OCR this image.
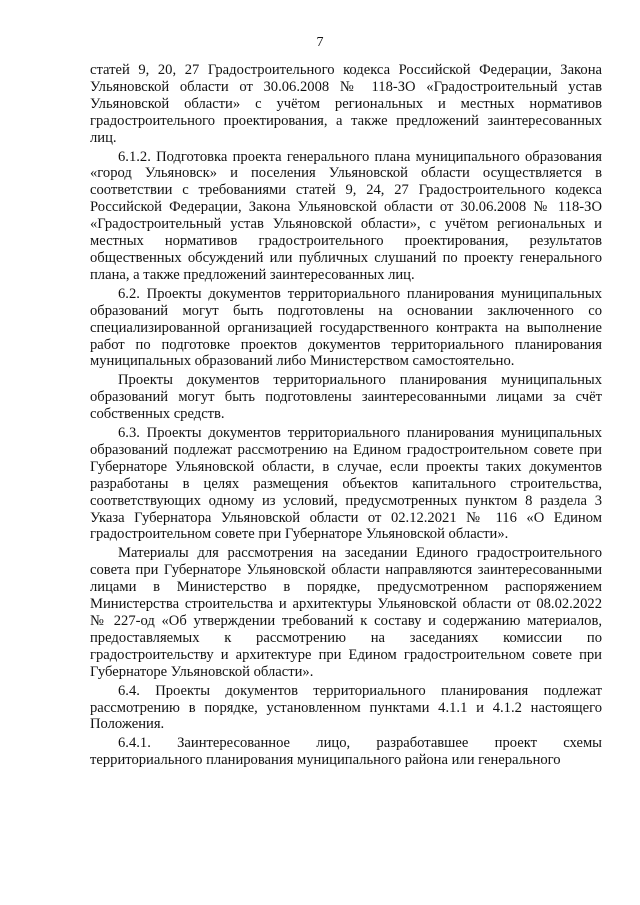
7

статей 9, 20, 27 Градостроительного кодекса Российской Федерации, Закона Ульяновской области от 30.06.2008 № 118-ЗО «Градостроительный устав Ульяновской области» с учётом региональных и местных нормативов градостроительного проектирования, а также предложений заинтересованных лиц.

6.1.2. Подготовка проекта генерального плана муниципального образования «город Ульяновск» и поселения Ульяновской области осуществляется в соответствии с требованиями статей 9, 24, 27 Градостроительного кодекса Российской Федерации, Закона Ульяновской области от 30.06.2008 № 118-ЗО «Градостроительный устав Ульяновской области», с учётом региональных и местных нормативов градостроительного проектирования, результатов общественных обсуждений или публичных слушаний по проекту генерального плана, а также предложений заинтересованных лиц.

6.2. Проекты документов территориального планирования муниципальных образований могут быть подготовлены на основании заключенного со специализированной организацией государственного контракта на выполнение работ по подготовке проектов документов территориального планирования муниципальных образований либо Министерством самостоятельно.

Проекты документов территориального планирования муниципальных образований могут быть подготовлены заинтересованными лицами за счёт собственных средств.

6.3. Проекты документов территориального планирования муниципальных образований подлежат рассмотрению на Едином градостроительном совете при Губернаторе Ульяновской области, в случае, если проекты таких документов разработаны в целях размещения объектов капитального строительства, соответствующих одному из условий, предусмотренных пунктом 8 раздела 3 Указа Губернатора Ульяновской области от 02.12.2021 № 116 «О Едином градостроительном совете при Губернаторе Ульяновской области».

Материалы для рассмотрения на заседании Единого градостроительного совета при Губернаторе Ульяновской области направляются заинтересованными лицами в Министерство в порядке, предусмотренном распоряжением Министерства строительства и архитектуры Ульяновской области от 08.02.2022 № 227-од «Об утверждении требований к составу и содержанию материалов, предоставляемых к рассмотрению на заседаниях комиссии по градостроительству и архитектуре при Едином градостроительном совете при Губернаторе Ульяновской области».

6.4. Проекты документов территориального планирования подлежат рассмотрению в порядке, установленном пунктами 4.1.1 и 4.1.2 настоящего Положения.

6.4.1. Заинтересованное лицо, разработавшее проект схемы территориального планирования муниципального района или генерального
